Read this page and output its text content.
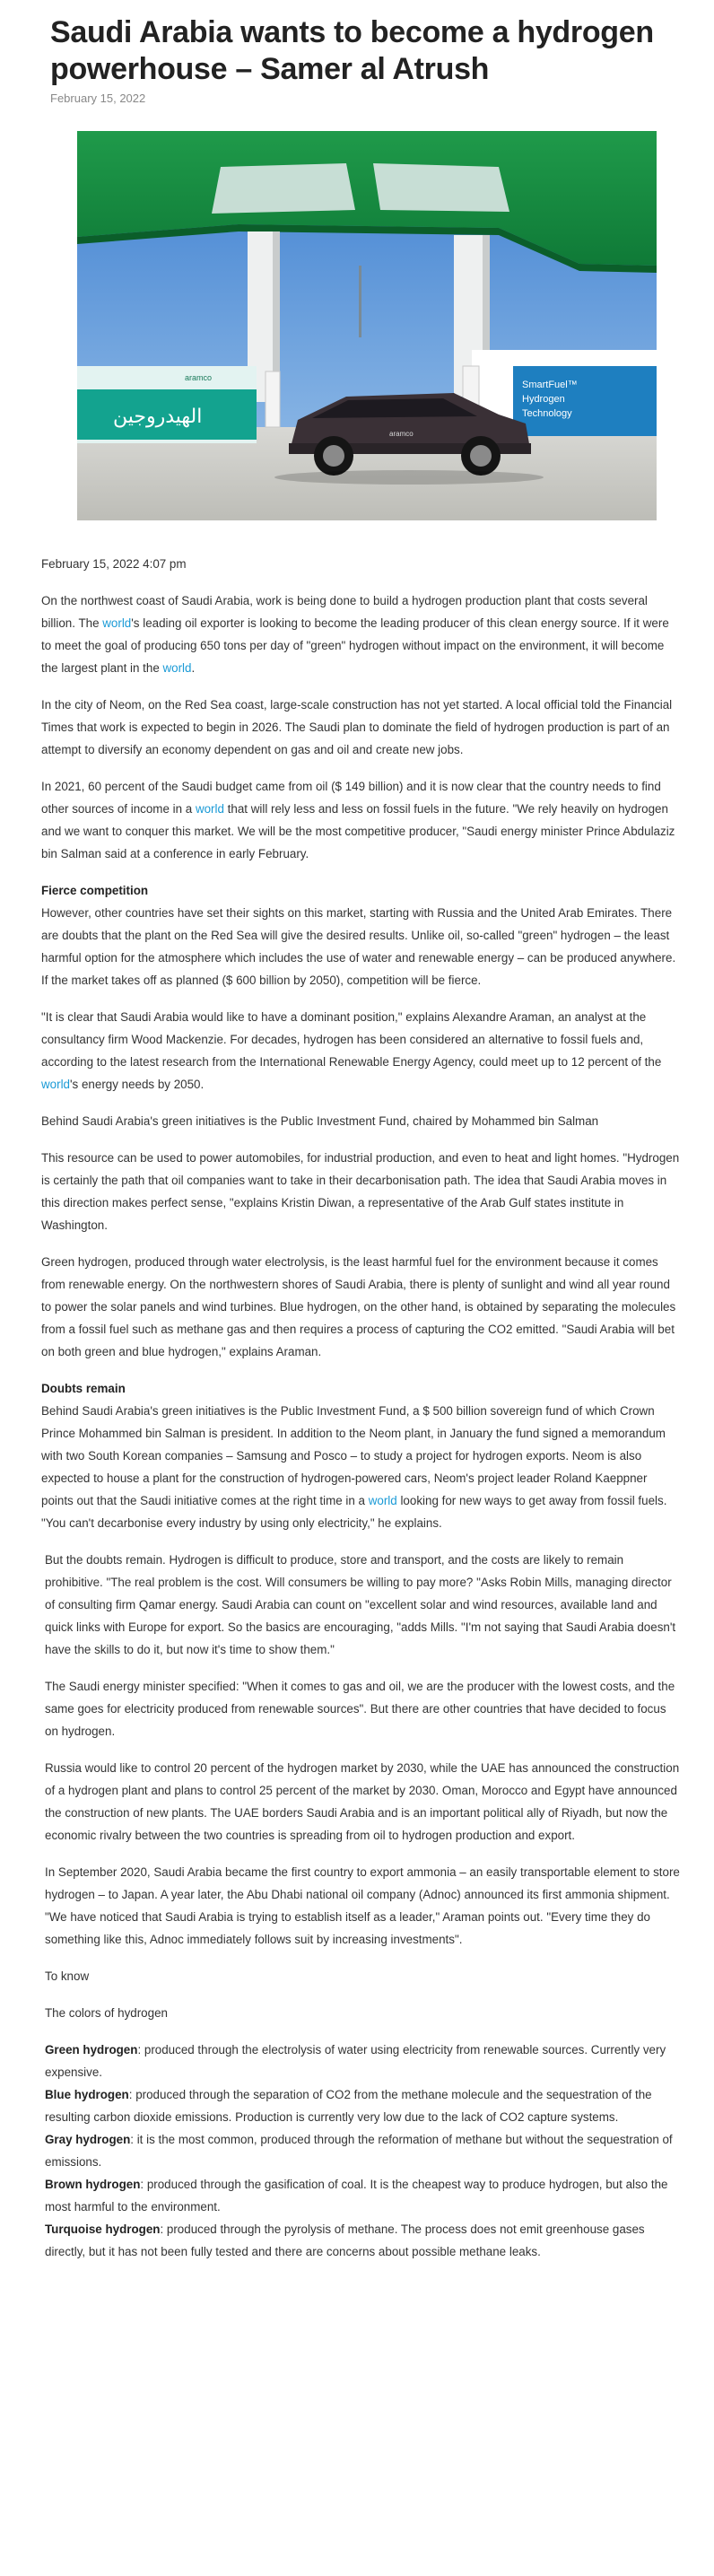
Saudi Arabia wants to become a hydrogen powerhouse – Samer al Atrush
February 15, 2022
الهيدروجين
aramco
SmartFuel™
Hydrogen
Technology
aramco

February 15, 2022 4:07 pm

On the northwest coast of Saudi Arabia, work is being done to build a hydrogen production plant that costs several billion. The world's leading oil exporter is looking to become the leading producer of this clean energy source. If it were to meet the goal of producing 650 tons per day of "green" hydrogen without impact on the environment, it will become the largest plant in the world.

In the city of Neom, on the Red Sea coast, large-scale construction has not yet started. A local official told the Financial Times that work is expected to begin in 2026. The Saudi plan to dominate the field of hydrogen production is part of an attempt to diversify an economy dependent on gas and oil and create new jobs.

In 2021, 60 percent of the Saudi budget came from oil ($ 149 billion) and it is now clear that the country needs to find other sources of income in a world that will rely less and less on fossil fuels in the future. "We rely heavily on hydrogen and we want to conquer this market. We will be the most competitive producer, "Saudi energy minister Prince Abdulaziz bin Salman said at a conference in early February.

Fierce competition

However, other countries have set their sights on this market, starting with Russia and the United Arab Emirates. There are doubts that the plant on the Red Sea will give the desired results. Unlike oil, so-called "green" hydrogen – the least harmful option for the atmosphere which includes the use of water and renewable energy – can be produced anywhere. If the market takes off as planned ($ 600 billion by 2050), competition will be fierce.

"It is clear that Saudi Arabia would like to have a dominant position," explains Alexandre Araman, an analyst at the consultancy firm Wood Mackenzie. For decades, hydrogen has been considered an alternative to fossil fuels and, according to the latest research from the International Renewable Energy Agency, could meet up to 12 percent of the world's energy needs by 2050.

Behind Saudi Arabia's green initiatives is the Public Investment Fund, chaired by Mohammed bin Salman

This resource can be used to power automobiles, for industrial production, and even to heat and light homes. "Hydrogen is certainly the path that oil companies want to take in their decarbonisation path. The idea that Saudi Arabia moves in this direction makes perfect sense, "explains Kristin Diwan, a representative of the Arab Gulf states institute in Washington.

Green hydrogen, produced through water electrolysis, is the least harmful fuel for the environment because it comes from renewable energy. On the northwestern shores of Saudi Arabia, there is plenty of sunlight and wind all year round to power the solar panels and wind turbines. Blue hydrogen, on the other hand, is obtained by separating the molecules from a fossil fuel such as methane gas and then requires a process of capturing the CO2 emitted. "Saudi Arabia will bet on both green and blue hydrogen," explains Araman.

Doubts remain

Behind Saudi Arabia's green initiatives is the Public Investment Fund, a $ 500 billion sovereign fund of which Crown Prince Mohammed bin Salman is president. In addition to the Neom plant, in January the fund signed a memorandum with two South Korean companies – Samsung and Posco – to study a project for hydrogen exports. Neom is also expected to house a plant for the construction of hydrogen-powered cars, Neom's project leader Roland Kaeppner points out that the Saudi initiative comes at the right time in a world looking for new ways to get away from fossil fuels. "You can't decarbonise every industry by using only electricity," he explains.

But the doubts remain. Hydrogen is difficult to produce, store and transport, and the costs are likely to remain prohibitive. "The real problem is the cost. Will consumers be willing to pay more? "Asks Robin Mills, managing director of consulting firm Qamar energy. Saudi Arabia can count on "excellent solar and wind resources, available land and quick links with Europe for export. So the basics are encouraging, "adds Mills. "I'm not saying that Saudi Arabia doesn't have the skills to do it, but now it's time to show them."

The Saudi energy minister specified: "When it comes to gas and oil, we are the producer with the lowest costs, and the same goes for electricity produced from renewable sources". But there are other countries that have decided to focus on hydrogen.

Russia would like to control 20 percent of the hydrogen market by 2030, while the UAE has announced the construction of a hydrogen plant and plans to control 25 percent of the market by 2030. Oman, Morocco and Egypt have announced the construction of new plants. The UAE borders Saudi Arabia and is an important political ally of Riyadh, but now the economic rivalry between the two countries is spreading from oil to hydrogen production and export.

In September 2020, Saudi Arabia became the first country to export ammonia – an easily transportable element to store hydrogen – to Japan. A year later, the Abu Dhabi national oil company (Adnoc) announced its first ammonia shipment. "We have noticed that Saudi Arabia is trying to establish itself as a leader," Araman points out. "Every time they do something like this, Adnoc immediately follows suit by increasing investments".

To know

The colors of hydrogen

Green hydrogen: produced through the electrolysis of water using electricity from renewable sources. Currently very expensive.

Blue hydrogen: produced through the separation of CO2 from the methane molecule and the sequestration of the resulting carbon dioxide emissions. Production is currently very low due to the lack of CO2 capture systems.

Gray hydrogen: it is the most common, produced through the reformation of methane but without the sequestration of emissions.

Brown hydrogen: produced through the gasification of coal. It is the cheapest way to produce hydrogen, but also the most harmful to the environment.

Turquoise hydrogen: produced through the pyrolysis of methane. The process does not emit greenhouse gases directly, but it has not been fully tested and there are concerns about possible methane leaks.
